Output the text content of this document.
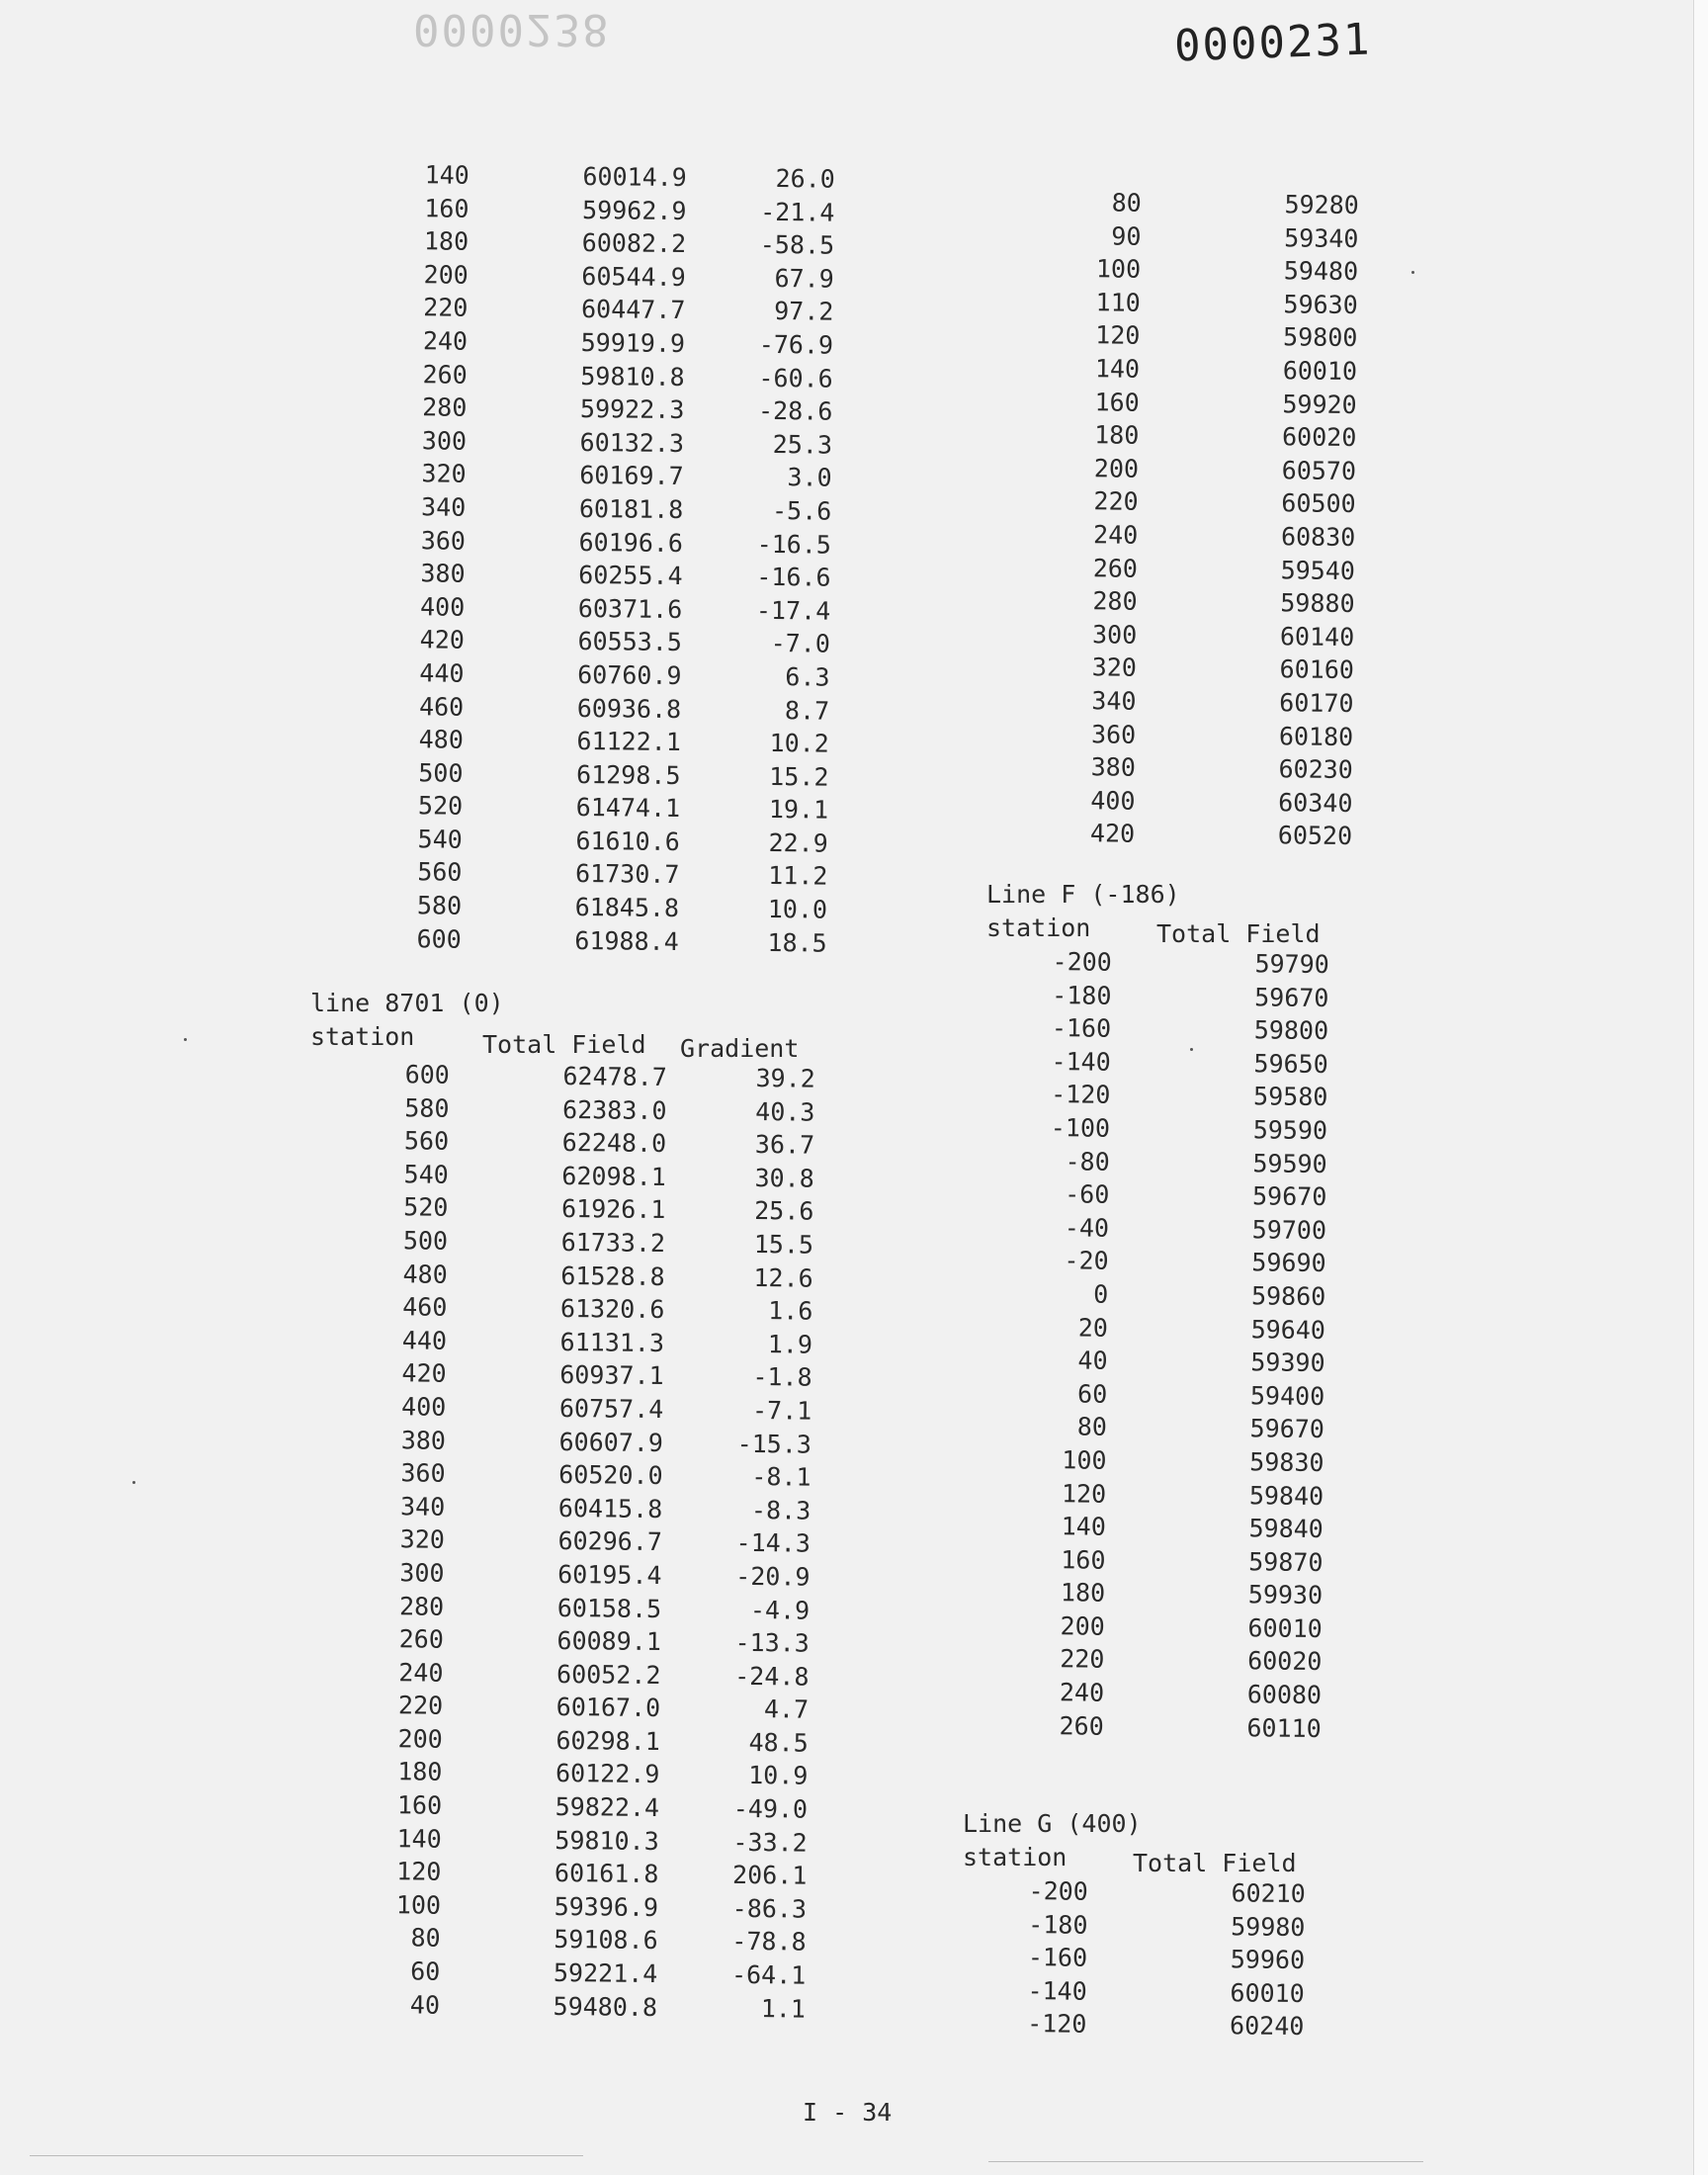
0000238	0000231
140	60014.9	26.0
160	59962.9	-21.4
180	60082.2	-58.5
200	60544.9	67.9
220	60447.7	97.2
240	59919.9	-76.9
260	59810.8	-60.6
280	59922.3	-28.6
300	60132.3	25.3
320	60169.7	3.0
340	60181.8	-5.6
360	60196.6	-16.5
380	60255.4	-16.6
400	60371.6	-17.4
420	60553.5	-7.0
440	60760.9	6.3
460	60936.8	8.7
480	61122.1	10.2
500	61298.5	15.2
520	61474.1	19.1
540	61610.6	22.9
560	61730.7	11.2
580	61845.8	10.0
600	61988.4	18.5
line 8701 (0)
station	Total Field Gradient
600	62478.7	39.2
580	62383.0	40.3
560	62248.0	36.7
540	62098.1	30.8
520	61926.1	25.6
500	61733.2	15.5
480	61528.8	12.6
460	61320.6	1.6
440	61131.3	1.9
420	60937.1	-1.8
400	60757.4	-7.1
380	60607.9	-15.3
360	60520.0	-8.1
340	60415.8	-8.3
320	60296.7	-14.3
300	60195.4	-20.9
280	60158.5	-4.9
260	60089.1	-13.3
240	60052.2	-24.8
220	60167.0	4.7
200	60298.1	48.5
180	60122.9	10.9
160	59822.4	-49.0
140	59810.3	-33.2
120	60161.8	206.1
100	59396.9	-86.3
80	59108.6	-78.8
60	59221.4	-64.1
40	59480.8	1.1
80	59280
90	59340
100	59480
110	59630
120	59800
140	60010
160	59920
180	60020
200	60570
220	60500
240	60830
260	59540
280	59880
300	60140
320	60160
340	60170
360	60180
380	60230
400	60340
420	60520
Line F (-186)
station	Total Field
-200	59790
-180	59670
-160	59800
-140	59650
-120	59580
-100	59590
-80	59590
-60	59670
-40	59700
-20	59690
0	59860
20	59640
40	59390
60	59400
80	59670
100	59830
120	59840
140	59840
160	59870
180	59930
200	60010
220	60020
240	60080
260	60110
Line G (400)
station	Total Field
-200	60210
-180	59980
-160	59960
-140	60010
-120	60240
I - 34
